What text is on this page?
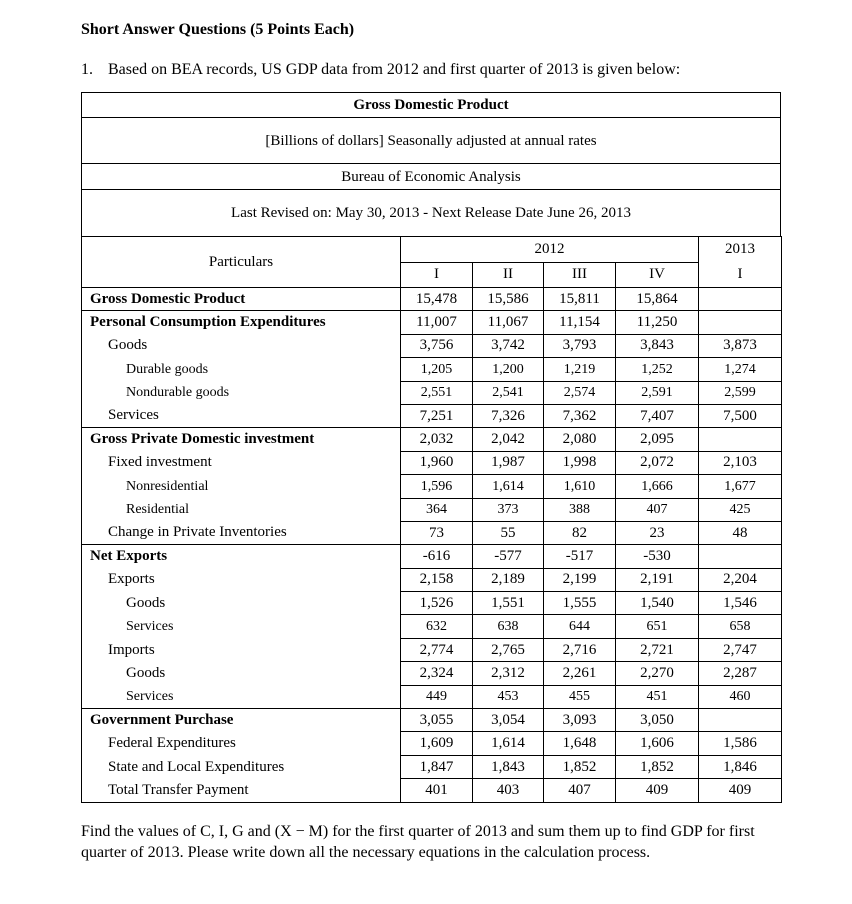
Short Answer Questions (5 Points Each)
1. Based on BEA records, US GDP data from 2012 and first quarter of 2013 is given below:
Gross Domestic Product
[Billions of dollars] Seasonally adjusted at annual rates
Bureau of Economic Analysis
Last Revised on: May 30, 2013 - Next Release Date June 26, 2013
Particulars	2012				2013
	I	II	III	IV	I
Gross Domestic Product	15,478	15,586	15,811	15,864	
Personal Consumption Expenditures	11,007	11,067	11,154	11,250	
Goods	3,756	3,742	3,793	3,843	3,873
Durable goods	1,205	1,200	1,219	1,252	1,274
Nondurable goods	2,551	2,541	2,574	2,591	2,599
Services	7,251	7,326	7,362	7,407	7,500
Gross Private Domestic investment	2,032	2,042	2,080	2,095	
Fixed investment	1,960	1,987	1,998	2,072	2,103
Nonresidential	1,596	1,614	1,610	1,666	1,677
Residential	364	373	388	407	425
Change in Private Inventories	73	55	82	23	48
Net Exports	-616	-577	-517	-530	
Exports	2,158	2,189	2,199	2,191	2,204
Goods	1,526	1,551	1,555	1,540	1,546
Services	632	638	644	651	658
Imports	2,774	2,765	2,716	2,721	2,747
Goods	2,324	2,312	2,261	2,270	2,287
Services	449	453	455	451	460
Government Purchase	3,055	3,054	3,093	3,050	
Federal Expenditures	1,609	1,614	1,648	1,606	1,586
State and Local Expenditures	1,847	1,843	1,852	1,852	1,846
Total Transfer Payment	401	403	407	409	409
Find the values of C, I, G and (X − M) for the first quarter of 2013 and sum them up to find GDP for first quarter of 2013. Please write down all the necessary equations in the calculation process.
